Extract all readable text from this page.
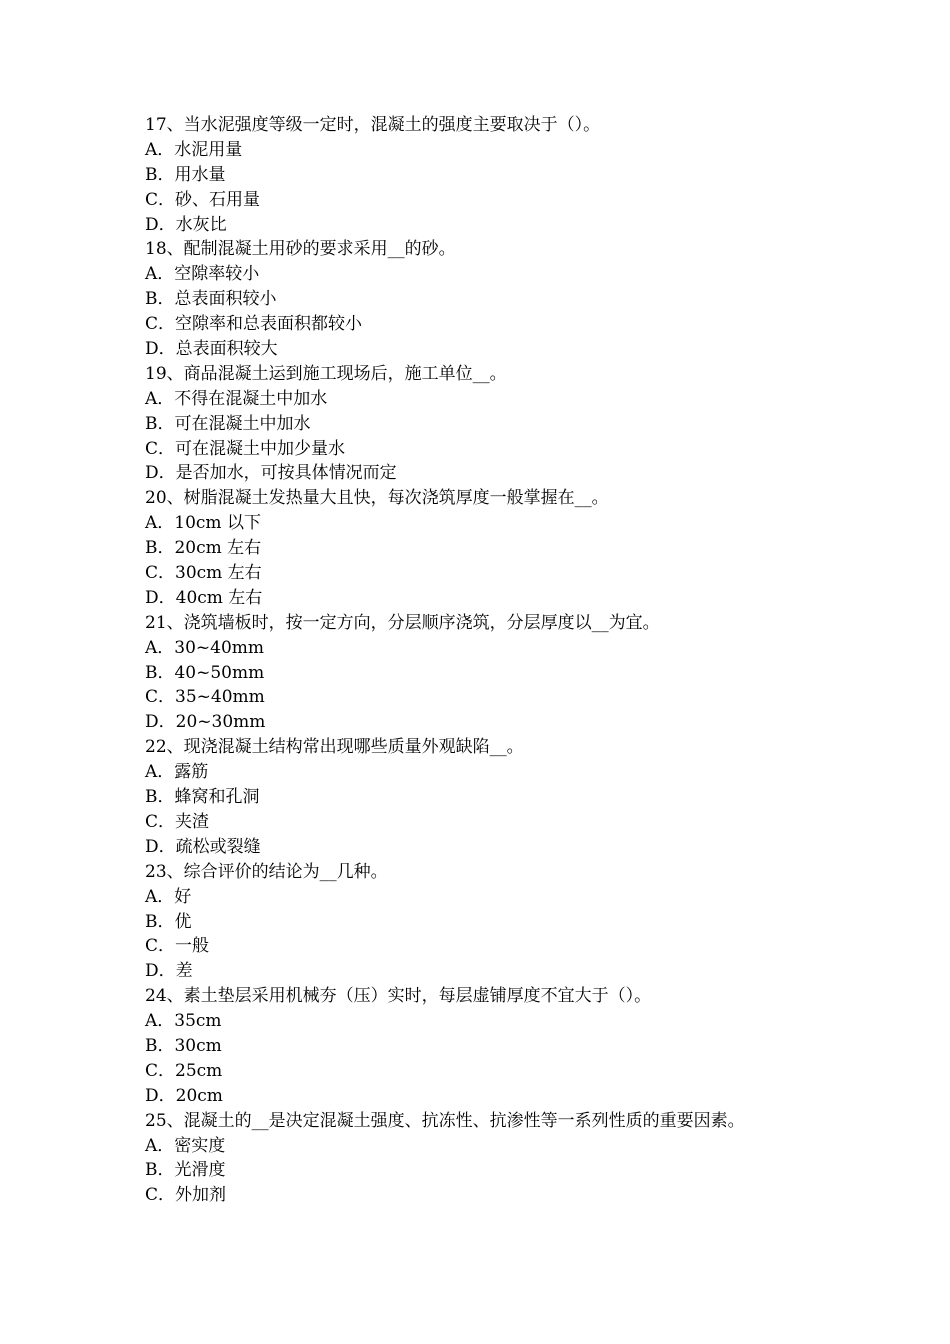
17、当水泥强度等级一定时，混凝土的强度主要取决于（）。
A．水泥用量
B．用水量
C．砂、石用量
D．水灰比
18、配制混凝土用砂的要求采用__的砂。
A．空隙率较小
B．总表面积较小
C．空隙率和总表面积都较小
D．总表面积较大
19、商品混凝土运到施工现场后，施工单位__。
A．不得在混凝土中加水
B．可在混凝土中加水
C．可在混凝土中加少量水
D．是否加水，可按具体情况而定
20、树脂混凝土发热量大且快，每次浇筑厚度一般掌握在__。
A．10cm 以下
B．20cm 左右
C．30cm 左右
D．40cm 左右
21、浇筑墙板时，按一定方向，分层顺序浇筑，分层厚度以__为宜。
A．30~40mm
B．40~50mm
C．35~40mm
D．20~30mm
22、现浇混凝土结构常出现哪些质量外观缺陷__。
A．露筋
B．蜂窝和孔洞
C．夹渣
D．疏松或裂缝
23、综合评价的结论为__几种。
A．好
B．优
C．一般
D．差
24、素土垫层采用机械夯（压）实时，每层虚铺厚度不宜大于（）。
A．35cm
B．30cm
C．25cm
D．20cm
25、混凝土的__是决定混凝土强度、抗冻性、抗渗性等一系列性质的重要因素。
A．密实度
B．光滑度
C．外加剂
